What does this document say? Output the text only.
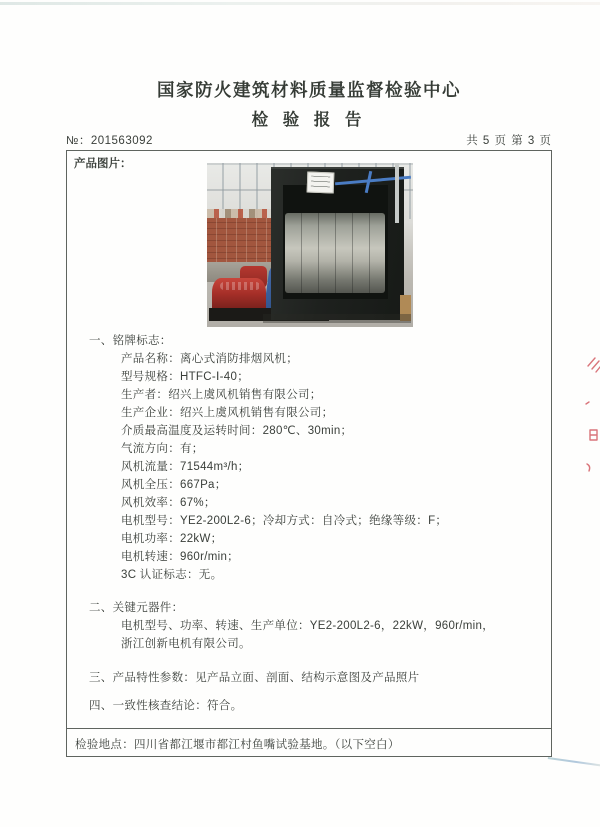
国家防火建筑材料质量监督检验中心
检 验 报 告
№：201563092	共 5 页 第 3 页
产品图片：
一、铭牌标志：
产品名称：离心式消防排烟风机；
型号规格：HTFC-Ⅰ-40；
生产者：绍兴上虞风机销售有限公司；
生产企业：绍兴上虞风机销售有限公司；
介质最高温度及运转时间：280℃、30min；
气流方向：有；
风机流量：71544m³/h；
风机全压：667Pa；
风机效率：67%；
电机型号：YE2-200L2-6；冷却方式：自冷式；绝缘等级：F；
电机功率：22kW；
电机转速：960r/min；
3C 认证标志：无。
二、关键元器件：
电机型号、功率、转速、生产单位：YE2-200L2-6，22kW，960r/min，
浙江创新电机有限公司。
三、产品特性参数：见产品立面、剖面、结构示意图及产品照片
四、一致性核查结论：符合。
检验地点：四川省都江堰市都江村鱼嘴试验基地。（以下空白）
